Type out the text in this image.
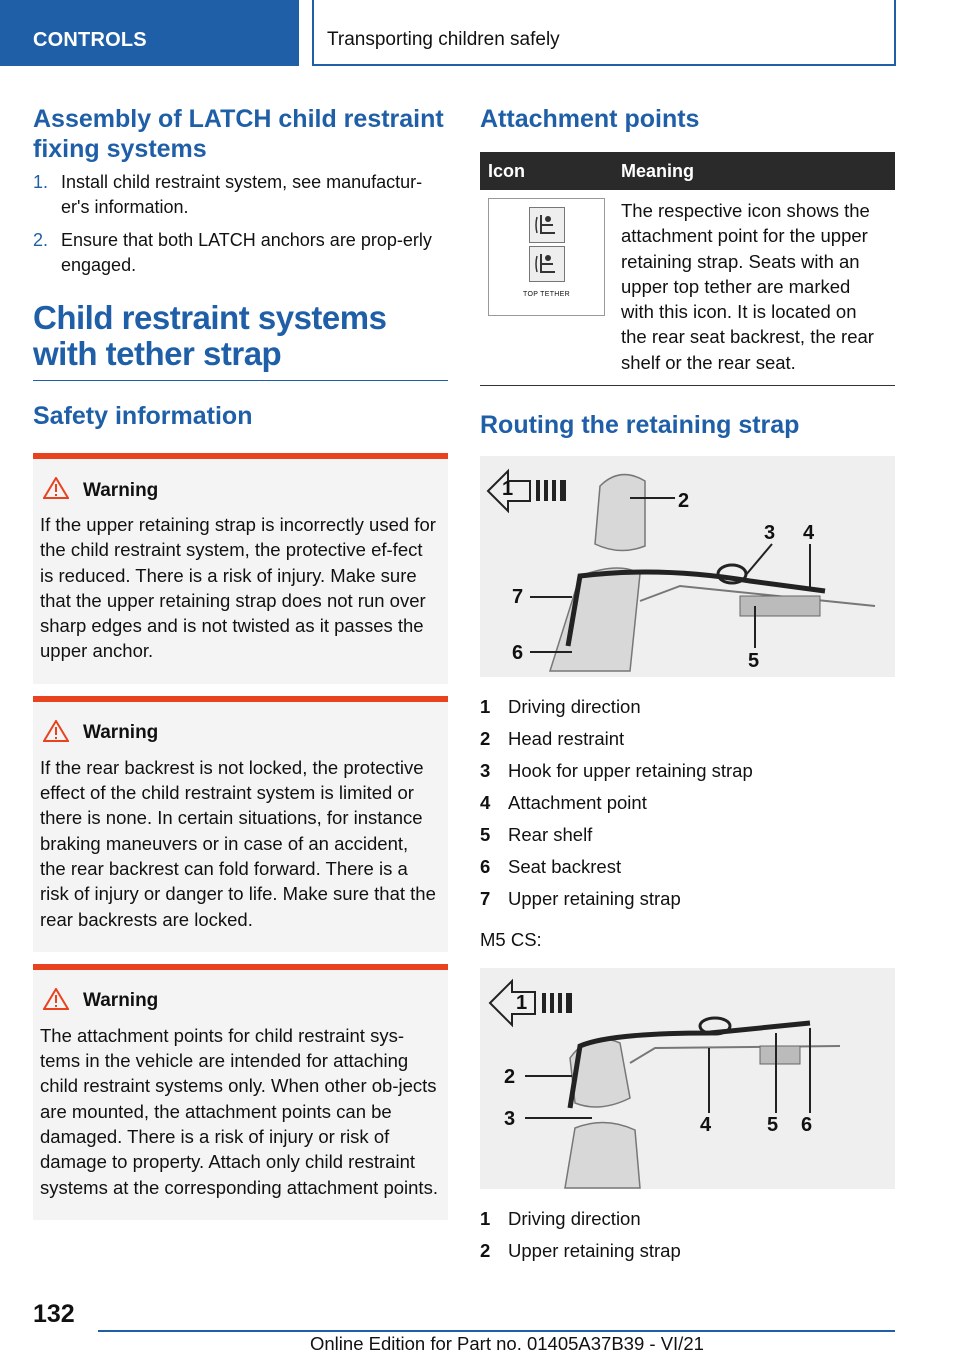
CONTROLS	Transporting children safely
Assembly of LATCH child restraint fixing systems
1. Install child restraint system, see manufactur‐er's information.
2. Ensure that both LATCH anchors are prop‐erly engaged.
Child restraint systems with tether strap
Safety information
Warning

If the upper retaining strap is incorrectly used for the child restraint system, the protective ef‐fect is reduced. There is a risk of injury. Make sure that the upper retaining strap does not run over sharp edges and is not twisted as it passes the upper anchor.

Warning

If the rear backrest is not locked, the protective effect of the child restraint system is limited or there is none. In certain situations, for instance braking maneuvers or in case of an accident, the rear backrest can fold forward. There is a risk of injury or danger to life. Make sure that the rear backrests are locked.

Warning

The attachment points for child restraint sys‐tems in the vehicle are intended for attaching child restraint systems only. When other ob‐jects are mounted, the attachment points can be damaged. There is a risk of injury or risk of damage to property. Attach only child restraint systems at the corresponding attachment points.

Attachment points
Icon	Meaning

TOP TETHER	The respective icon shows the attachment point for the upper retaining strap. Seats with an upper top tether are marked with this icon. It is located on the rear seat backrest, the rear shelf or the rear seat.
Routing the retaining strap
1
2
3 4
5
6
7
1 Driving direction
2 Head restraint
3 Hook for upper retaining strap
4 Attachment point
5 Rear shelf
6 Seat backrest
7 Upper retaining strap

M5 CS:

1
2
3	4	5 6
1 Driving direction
2 Upper retaining strap
132
Online Edition for Part no. 01405A37B39 - VI/21
